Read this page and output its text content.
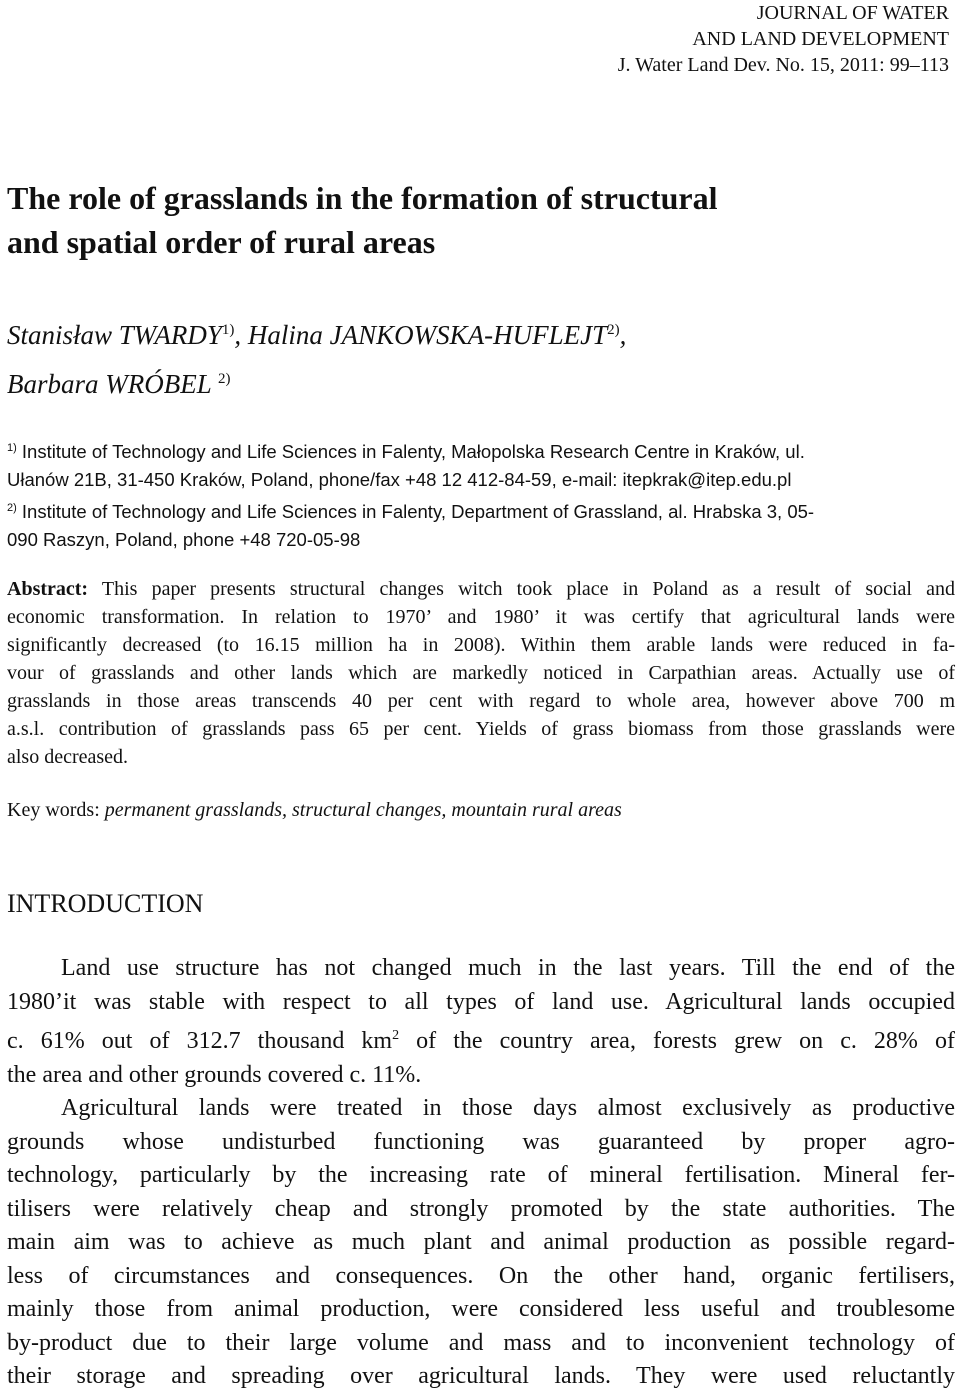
JOURNAL OF WATER
AND LAND DEVELOPMENT
J. Water Land Dev. No. 15, 2011: 99–113
The role of grasslands in the formation of structural
and spatial order of rural areas
Stanisław TWARDY$^{1)}$, Halina JANKOWSKA-HUFLEJT$^{2)}$,
Barbara WRÓBEL $^{2)}$
$^{1)}$ Institute of Technology and Life Sciences in Falenty, Małopolska Research Centre in Kraków, ul.
Ułanów 21B, 31-450 Kraków, Poland, phone/fax +48 12 412-84-59, e-mail: itepkrak@itep.edu.pl
$^{2)}$ Institute of Technology and Life Sciences in Falenty, Department of Grassland, al. Hrabska 3, 05-
090 Raszyn, Poland, phone +48 720-05-98
Abstract: This paper presents structural changes witch took place in Poland as a result of social and
economic transformation. In relation to 1970’ and 1980’ it was certify that agricultural lands were
significantly decreased (to 16.15 million ha in 2008). Within them arable lands were reduced in fa-
vour of grasslands and other lands which are markedly noticed in Carpathian areas. Actually use of
grasslands in those areas transcends 40 per cent with regard to whole area, however above 700 m
a.s.l. contribution of grasslands pass 65 per cent. Yields of grass biomass from those grasslands were
also decreased.
Key words: permanent grasslands, structural changes, mountain rural areas
INTRODUCTION
Land use structure has not changed much in the last years. Till the end of the
1980’it was stable with respect to all types of land use. Agricultural lands occupied
c. 61% out of 312.7 thousand $km^2$ of the country area, forests grew on c. 28% of
the area and other grounds covered c. 11%.
Agricultural lands were treated in those days almost exclusively as productive
grounds whose undisturbed functioning was guaranteed by proper agro-
technology, particularly by the increasing rate of mineral fertilisation. Mineral fer-
tilisers were relatively cheap and strongly promoted by the state authorities. The
main aim was to achieve as much plant and animal production as possible regard-
less of circumstances and consequences. On the other hand, organic fertilisers,
mainly those from animal production, were considered less useful and troublesome
by-product due to their large volume and mass and to inconvenient technology of
their storage and spreading over agricultural lands. They were used reluctantly
